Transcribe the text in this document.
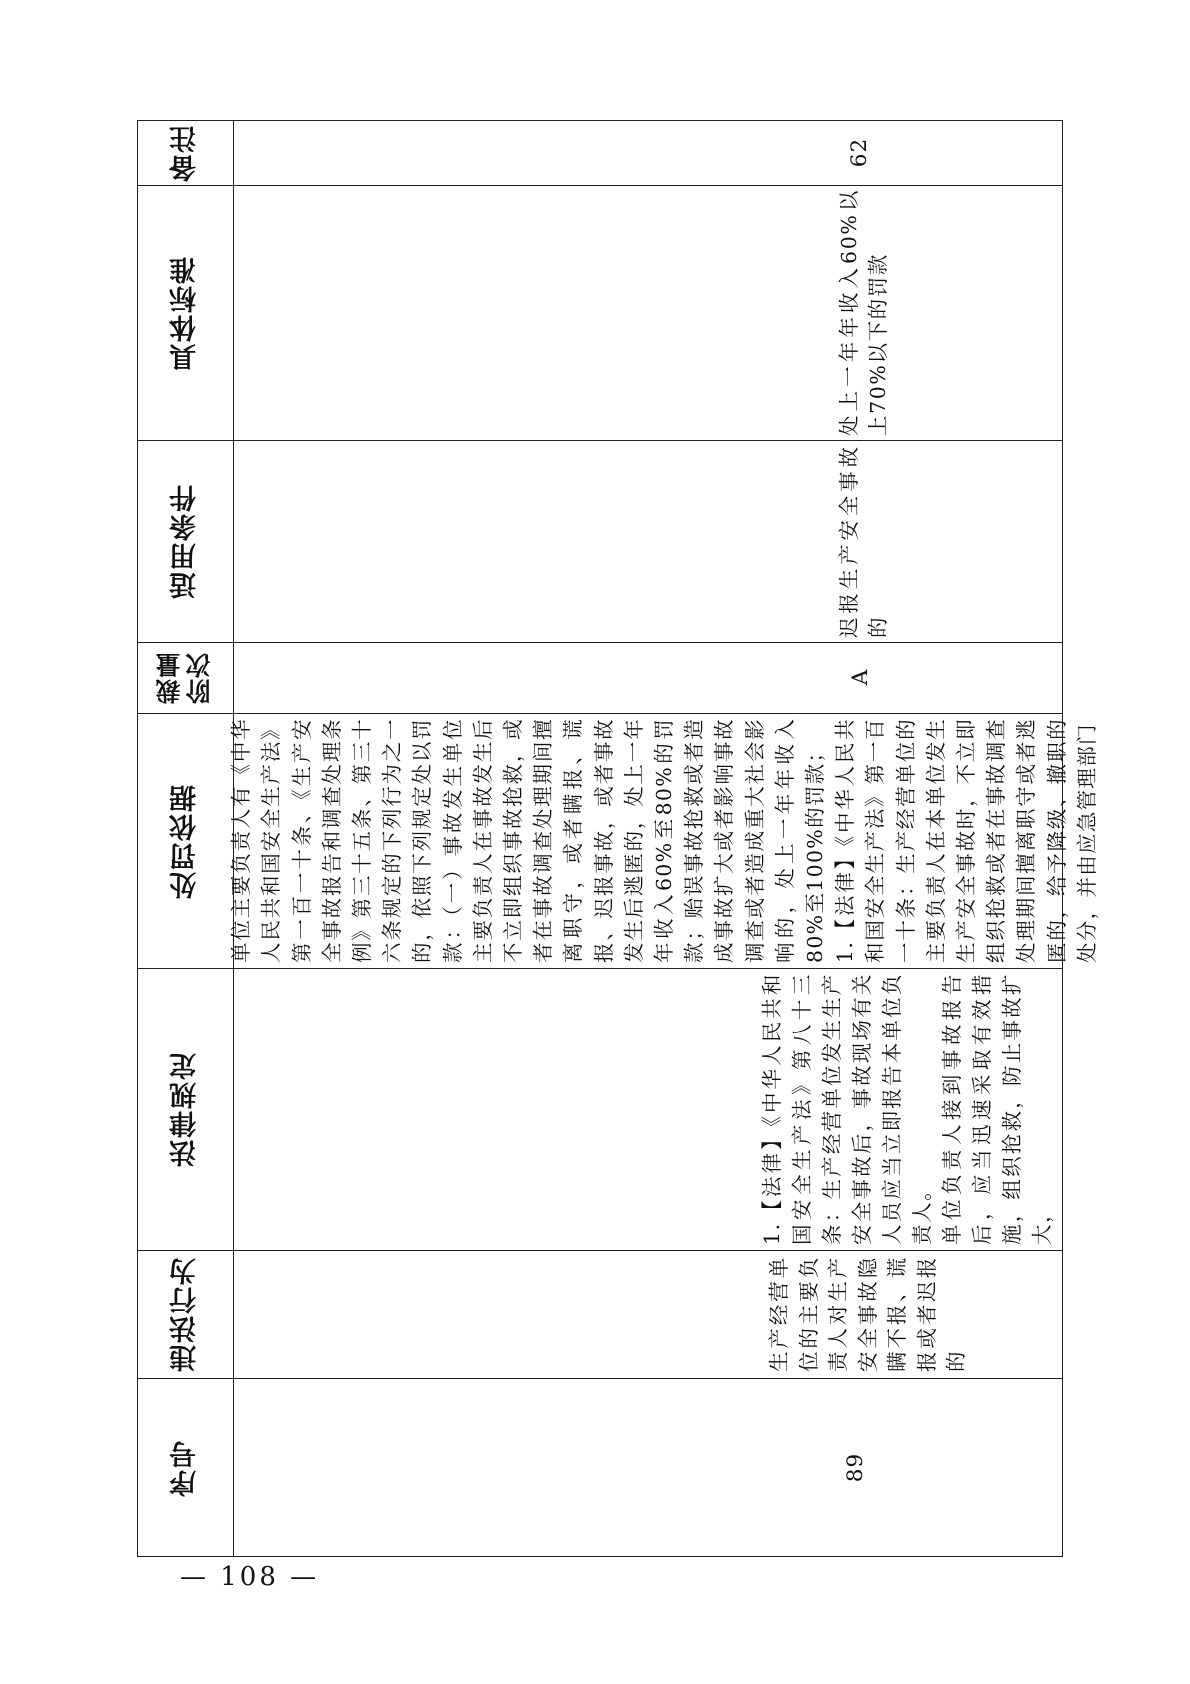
备注
具体标准
适用条件
裁量
阶次
处罚依据
法律规定
违法行为
序号
62
处上一年年收入60%以上70%以下的罚款
迟报生产安全事故的
A

单位主要负责人有《中华人民共和国安全生产法》第一百一十条、《生产安全事故报告和调查处理条例》第三十五条、第三十六条规定的下列行为之一的，依照下列规定处以罚款：（一）事故发生单位主要负责人在事故发生后不立即组织事故抢救，或者在事故调查处理期间擅离职守，或者瞒报、谎报、迟报事故，或者事故发生后逃匿的，处上一年年收入60%至80%的罚款；贻误事故抢救或者造成事故扩大或者影响事故调查或者造成重大社会影响的，处上一年年收入80%至100%的罚款；
1.【法律】《中华人民共和国安全生产法》第一百一十条：生产经营单位的主要负责人在本单位发生生产安全事故时，不立即组织抢救或者在事故调查处理期间擅离职守或者逃匿的，给予降级、撤职的处分，并由应急管理部门

1.【法律】《中华人民共和国安全生产法》第八十三条：生产经营单位发生生产安全事故后，事故现场有关人员应当立即报告本单位负责人。
单位负责人接到事故报告后，应当迅速采取有效措施，组织抢救，防止事故扩大，
生产经营单位的主要负责人对生产安全事故隐瞒不报、谎报或者迟报的
89
— 108 —
